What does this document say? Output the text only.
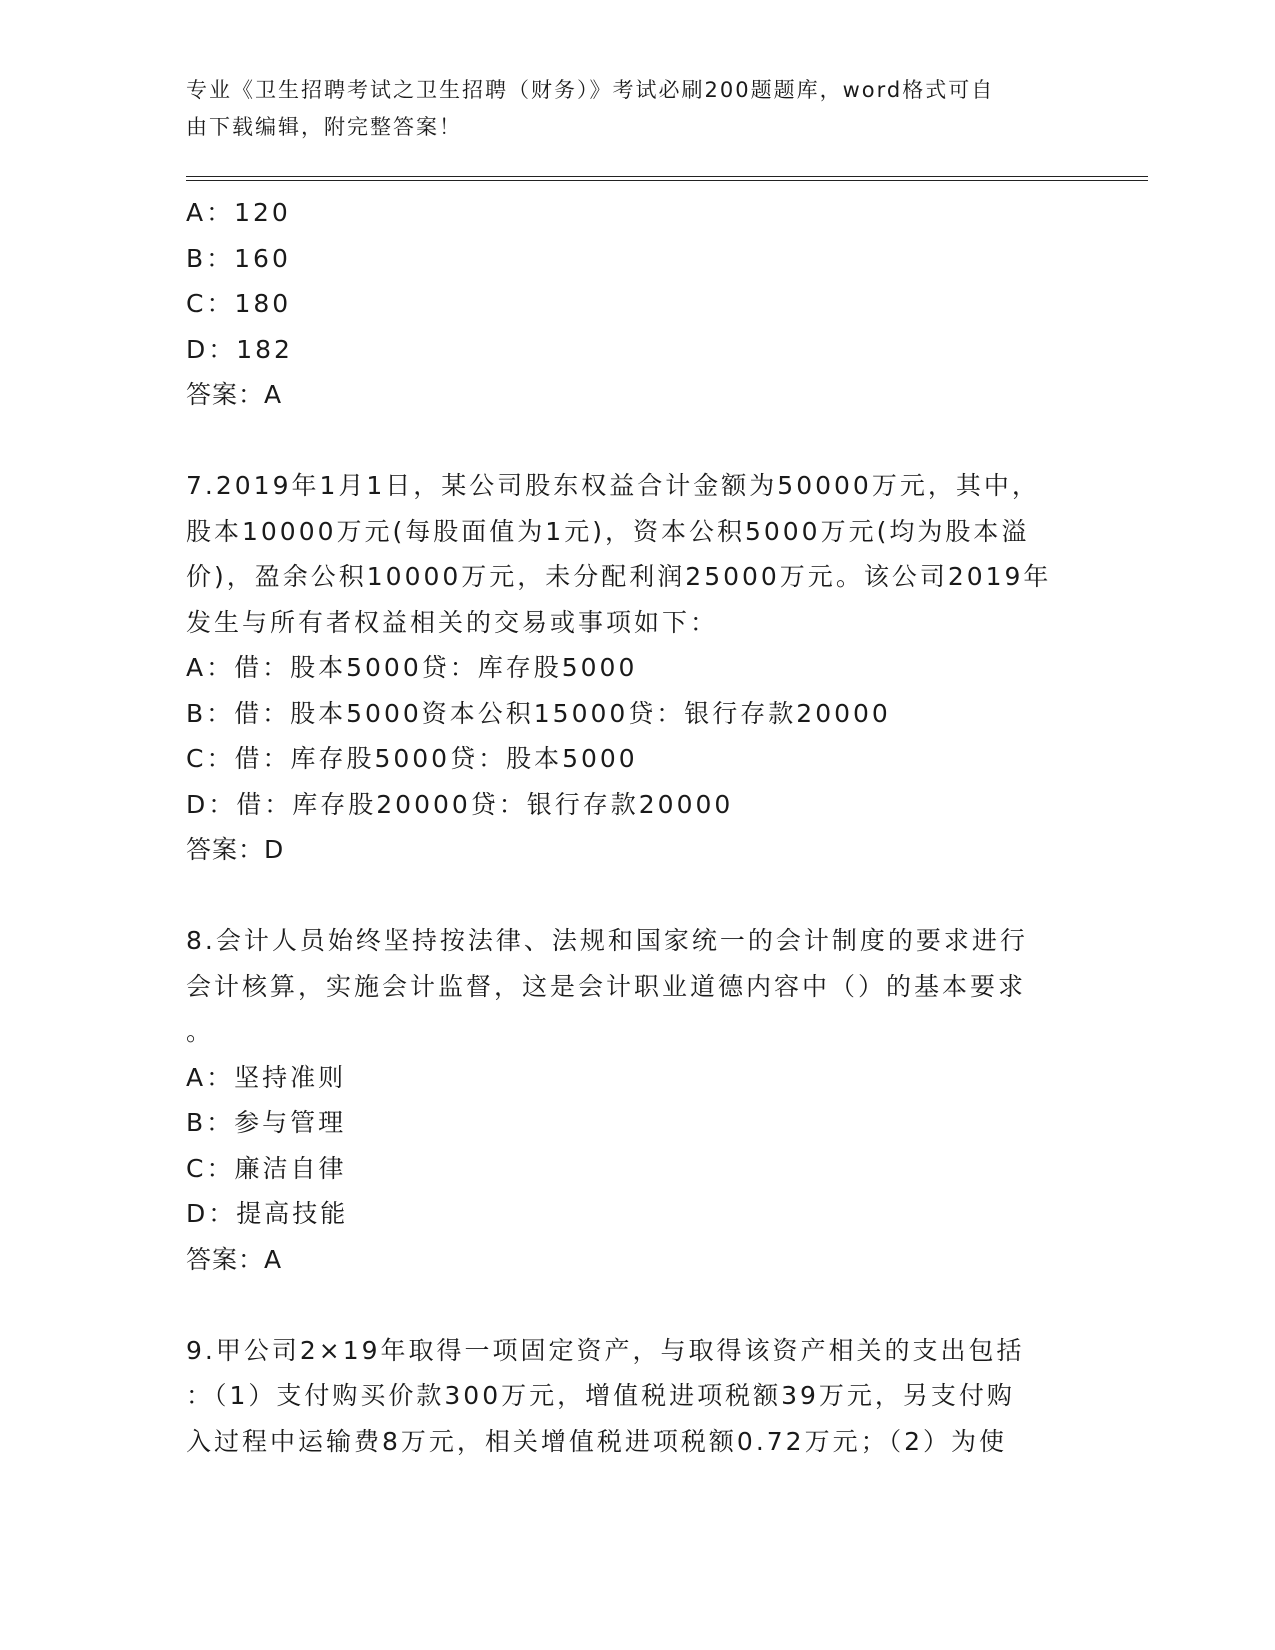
专业《卫生招聘考试之卫生招聘（财务）》考试必刷200题题库，word格式可自
由下载编辑，附完整答案！
A：120
B：160
C：180
D：182
答案：A
7.2019年1月1日，某公司股东权益合计金额为50000万元，其中，
股本10000万元(每股面值为1元)，资本公积5000万元(均为股本溢
价)，盈余公积10000万元，未分配利润25000万元。该公司2019年
发生与所有者权益相关的交易或事项如下：
A：借：股本5000贷：库存股5000
B：借：股本5000资本公积15000贷：银行存款20000
C：借：库存股5000贷：股本5000
D：借：库存股20000贷：银行存款20000
答案：D
8.会计人员始终坚持按法律、法规和国家统一的会计制度的要求进行
会计核算，实施会计监督，这是会计职业道德内容中（）的基本要求
。
A：坚持准则
B：参与管理
C：廉洁自律
D：提高技能
答案：A
9.甲公司2×19年取得一项固定资产，与取得该资产相关的支出包括
：（1）支付购买价款300万元，增值税进项税额39万元，另支付购
入过程中运输费8万元，相关增值税进项税额0.72万元；（2）为使
